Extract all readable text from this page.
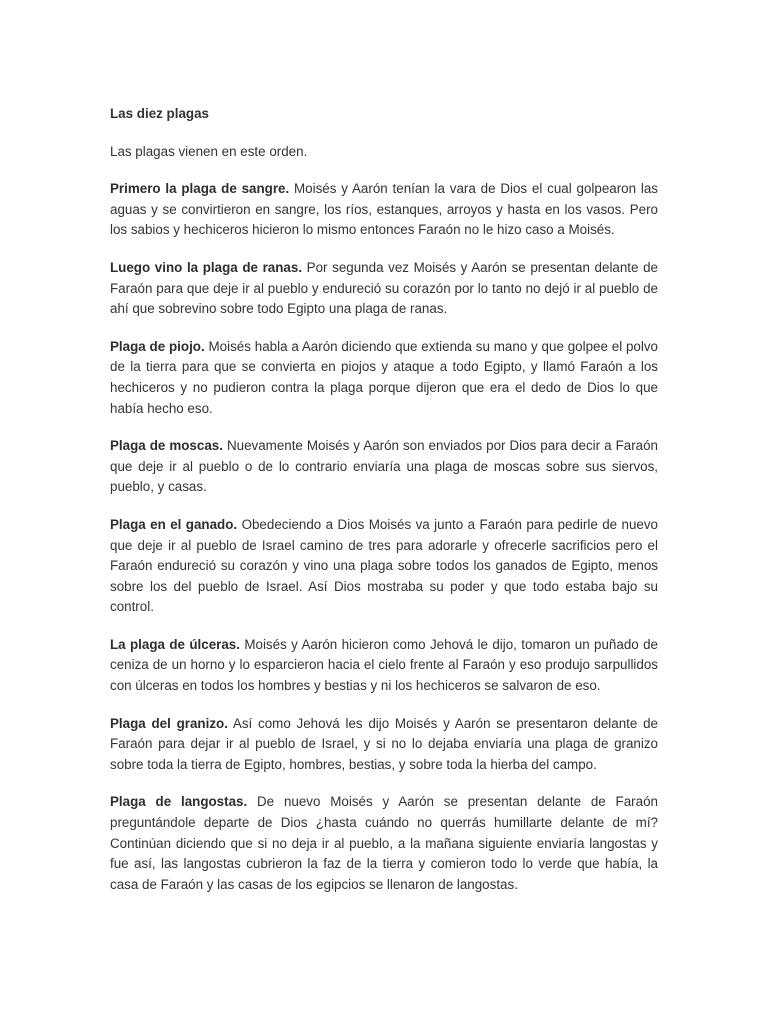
Las diez plagas
Las plagas vienen en este orden.

Primero la plaga de sangre. Moisés y Aarón tenían la vara de Dios el cual golpearon las aguas y se convirtieron en sangre, los ríos, estanques, arroyos y hasta en los vasos. Pero los sabios y hechiceros hicieron lo mismo entonces Faraón no le hizo caso a Moisés.

Luego vino la plaga de ranas. Por segunda vez Moisés y Aarón se presentan delante de Faraón para que deje ir al pueblo y endureció su corazón por lo tanto no dejó ir al pueblo de ahí que sobrevino sobre todo Egipto una plaga de ranas.

Plaga de piojo. Moisés habla a Aarón diciendo que extienda su mano y que golpee el polvo de la tierra para que se convierta en piojos y ataque a todo Egipto, y llamó Faraón a los hechiceros y no pudieron contra la plaga porque dijeron que era el dedo de Dios lo que había hecho eso.

Plaga de moscas. Nuevamente Moisés y Aarón son enviados por Dios para decir a Faraón que deje ir al pueblo o de lo contrario enviaría una plaga de moscas sobre sus siervos, pueblo, y casas.

Plaga en el ganado. Obedeciendo a Dios Moisés va junto a Faraón para pedirle de nuevo que deje ir al pueblo de Israel camino de tres para adorarle y ofrecerle sacrificios pero el Faraón endureció su corazón y vino una plaga sobre todos los ganados de Egipto, menos sobre los del pueblo de Israel. Así Dios mostraba su poder y que todo estaba bajo su control.

La plaga de úlceras. Moisés y Aarón hicieron como Jehová le dijo, tomaron un puñado de ceniza de un horno y lo esparcieron hacia el cielo frente al Faraón y eso produjo sarpullidos con úlceras en todos los hombres y bestias y ni los hechiceros se salvaron de eso.

Plaga del granizo. Así como Jehová les dijo Moisés y Aarón se presentaron delante de Faraón para dejar ir al pueblo de Israel, y si no lo dejaba enviaría una plaga de granizo sobre toda la tierra de Egipto, hombres, bestias, y sobre toda la hierba del campo.

Plaga de langostas. De nuevo Moisés y Aarón se presentan delante de Faraón preguntándole departe de Dios ¿hasta cuándo no querrás humillarte delante de mí? Continúan diciendo que si no deja ir al pueblo, a la mañana siguiente enviaría langostas y fue así, las langostas cubrieron la faz de la tierra y comieron todo lo verde que había, la casa de Faraón y las casas de los egipcios se llenaron de langostas.
